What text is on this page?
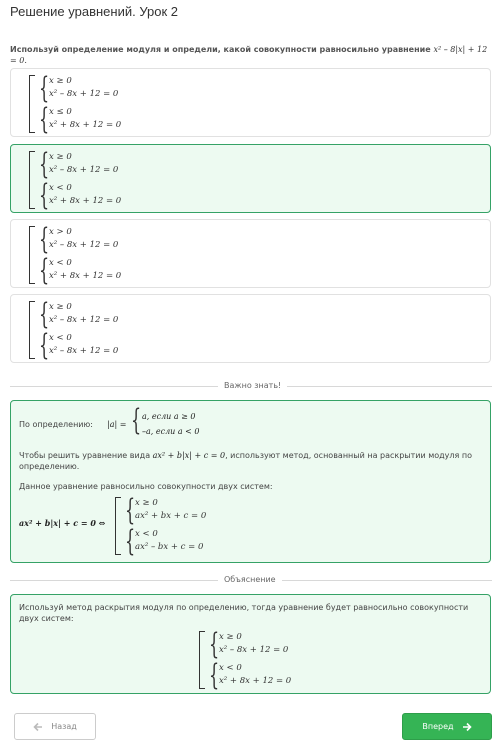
Решение уравнений. Урок 2
Используй определение модуля и определи, какой совокупности равносильно уравнение x² – 8|x| + 12 = 0.
{ x ≥ 0
x² – 8x + 12 = 0
{ x ≤ 0
x² + 8x + 12 = 0
{ x ≥ 0
x² – 8x + 12 = 0
{ x < 0
x² + 8x + 12 = 0
{ x > 0
x² – 8x + 12 = 0
{ x < 0
x² + 8x + 12 = 0
{ x ≥ 0
x² – 8x + 12 = 0
{ x < 0
x² – 8x + 12 = 0
Важно знать!
По определению: |a| = { a, если a ≥ 0
–a, если a < 0
Чтобы решить уравнение вида ax² + b|x| + c = 0, используют метод, основанный на раскрытии модуля по определению.
Данное уравнение равносильно совокупности двух систем:
ax² + b|x| + c = 0 ⇔ { x ≥ 0
ax² + bx + c = 0
{ x < 0
ax² – bx + c = 0
Объяснение
Используй метод раскрытия модуля по определению, тогда уравнение будет равносильно совокупности двух систем:
{ x ≥ 0
x² – 8x + 12 = 0
{ x < 0
x² + 8x + 12 = 0
Назад	Вперед
